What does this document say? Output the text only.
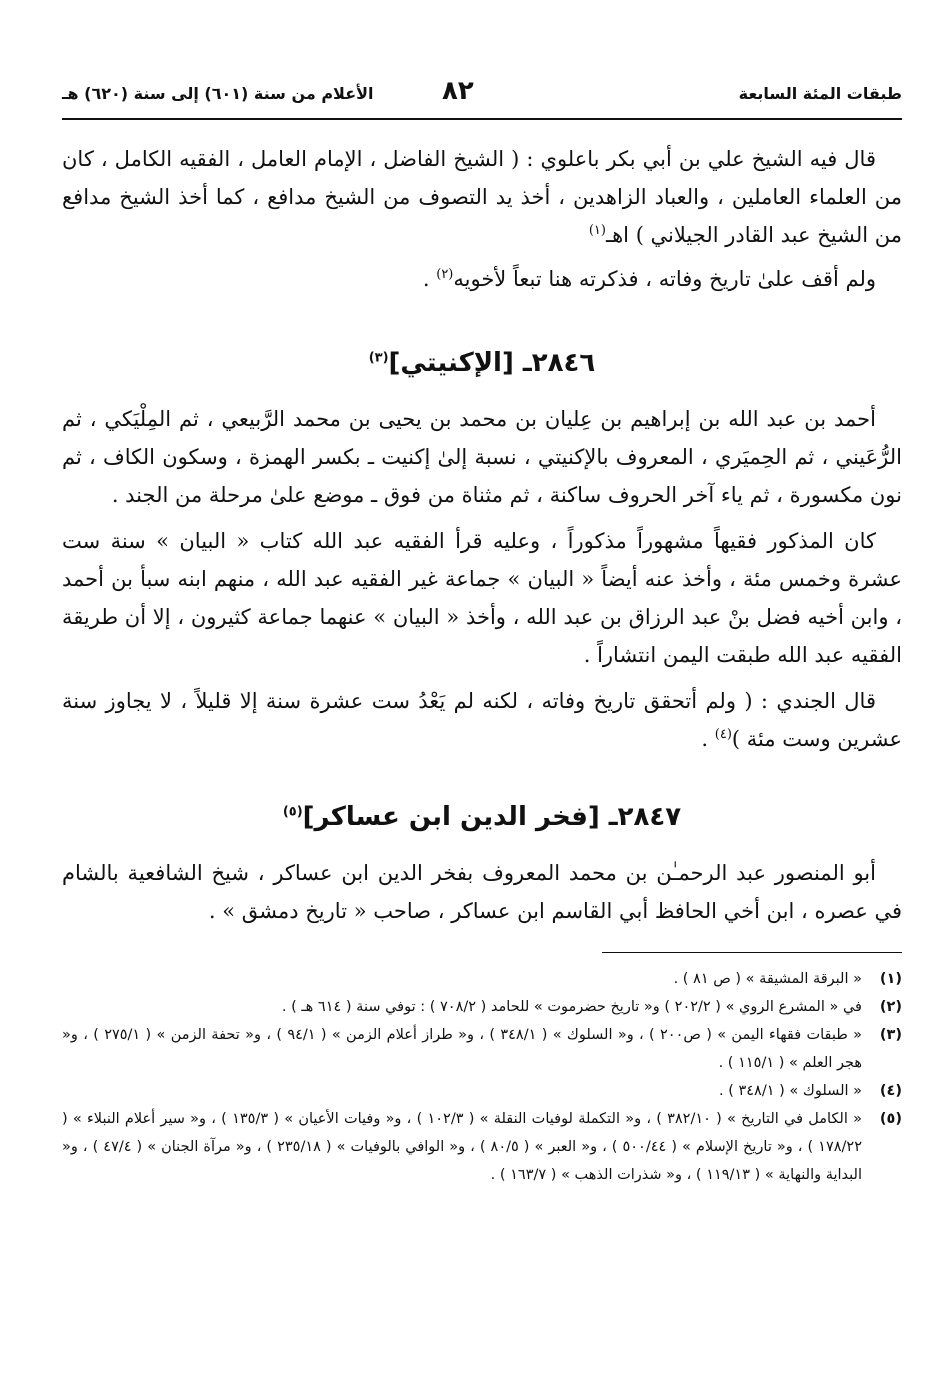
طبقات المئة السابعة
٨٢
الأعلام من سنة (٦٠١) إلى سنة (٦٢٠) هـ

قال فيه الشيخ علي بن أبي بكر باعلوي : ( الشيخ الفاضل ، الإمام العامل ، الفقيه الكامل ، كان من العلماء العاملين ، والعباد الزاهدين ، أخذ يد التصوف من الشيخ مدافع ، كما أخذ الشيخ مدافع من الشيخ عبد القادر الجيلاني ) اهـ$^{(١)}$

ولم أقف علىٰ تاريخ وفاته ، فذكرته هنا تبعاً لأخويه$^{(٢)}$ .

٢٨٤٦ـ [الإكنيتي]$^{(٣)}$

أحمد بن عبد الله بن إبراهيم بن عِليان بن محمد بن يحيى بن محمد الرَّبيعي ، ثم المِلْيَكي ، ثم الرُّعَيني ، ثم الحِميَري ، المعروف بالإكنيتي ، نسبة إلىٰ إكنيت ـ بكسر الهمزة ، وسكون الكاف ، ثم نون مكسورة ، ثم ياء آخر الحروف ساكنة ، ثم مثناة من فوق ـ موضع علىٰ مرحلة من الجند .

كان المذكور فقيهاً مشهوراً مذكوراً ، وعليه قرأ الفقيه عبد الله كتاب « البيان » سنة ست عشرة وخمس مئة ، وأخذ عنه أيضاً « البيان » جماعة غير الفقيه عبد الله ، منهم ابنه سبأ بن أحمد ، وابن أخيه فضل بنْ عبد الرزاق بن عبد الله ، وأخذ « البيان » عنهما جماعة كثيرون ، إلا أن طريقة الفقيه عبد الله طبقت اليمن انتشاراً .

قال الجندي : ( ولم أتحقق تاريخ وفاته ، لكنه لم يَعْدُ ست عشرة سنة إلا قليلاً ، لا يجاوز سنة عشرين وست مئة )$^{(٤)}$ .

٢٨٤٧ـ [فخر الدين ابن عساكر]$^{(٥)}$

أبو المنصور عبد الرحمـٰن بن محمد المعروف بفخر الدين ابن عساكر ، شيخ الشافعية بالشام في عصره ، ابن أخي الحافظ أبي القاسم ابن عساكر ، صاحب « تاريخ دمشق » .

(١)
« البرقة المشيقة » ( ص ٨١ ) .
(٢)
في « المشرع الروي » ( ٢٠٢/٢ ) و« تاريخ حضرموت » للحامد ( ٧٠٨/٢ ) : توفي سنة ( ٦١٤ هـ ) .
(٣)
« طبقات فقهاء اليمن » ( ص٢٠٠ ) ، و« السلوك » ( ٣٤٨/١ ) ، و« طراز أعلام الزمن » ( ٩٤/١ ) ، و« تحفة الزمن » ( ٢٧٥/١ ) ، و« هجر العلم » ( ١١٥/١ ) .
(٤)
« السلوك » ( ٣٤٨/١ ) .
(٥)
« الكامل في التاريخ » ( ٣٨٢/١٠ ) ، و« التكملة لوفيات النقلة » ( ١٠٢/٣ ) ، و« وفيات الأعيان » ( ١٣٥/٣ ) ، و« سير أعلام النبلاء » ( ١٧٨/٢٢ ) ، و« تاريخ الإسلام » ( ٥٠٠/٤٤ ) ، و« العبر » ( ٨٠/٥ ) ، و« الوافي بالوفيات » ( ٢٣٥/١٨ ) ، و« مرآة الجنان » ( ٤٧/٤ ) ، و« البداية والنهاية » ( ١١٩/١٣ ) ، و« شذرات الذهب » ( ١٦٣/٧ ) .
